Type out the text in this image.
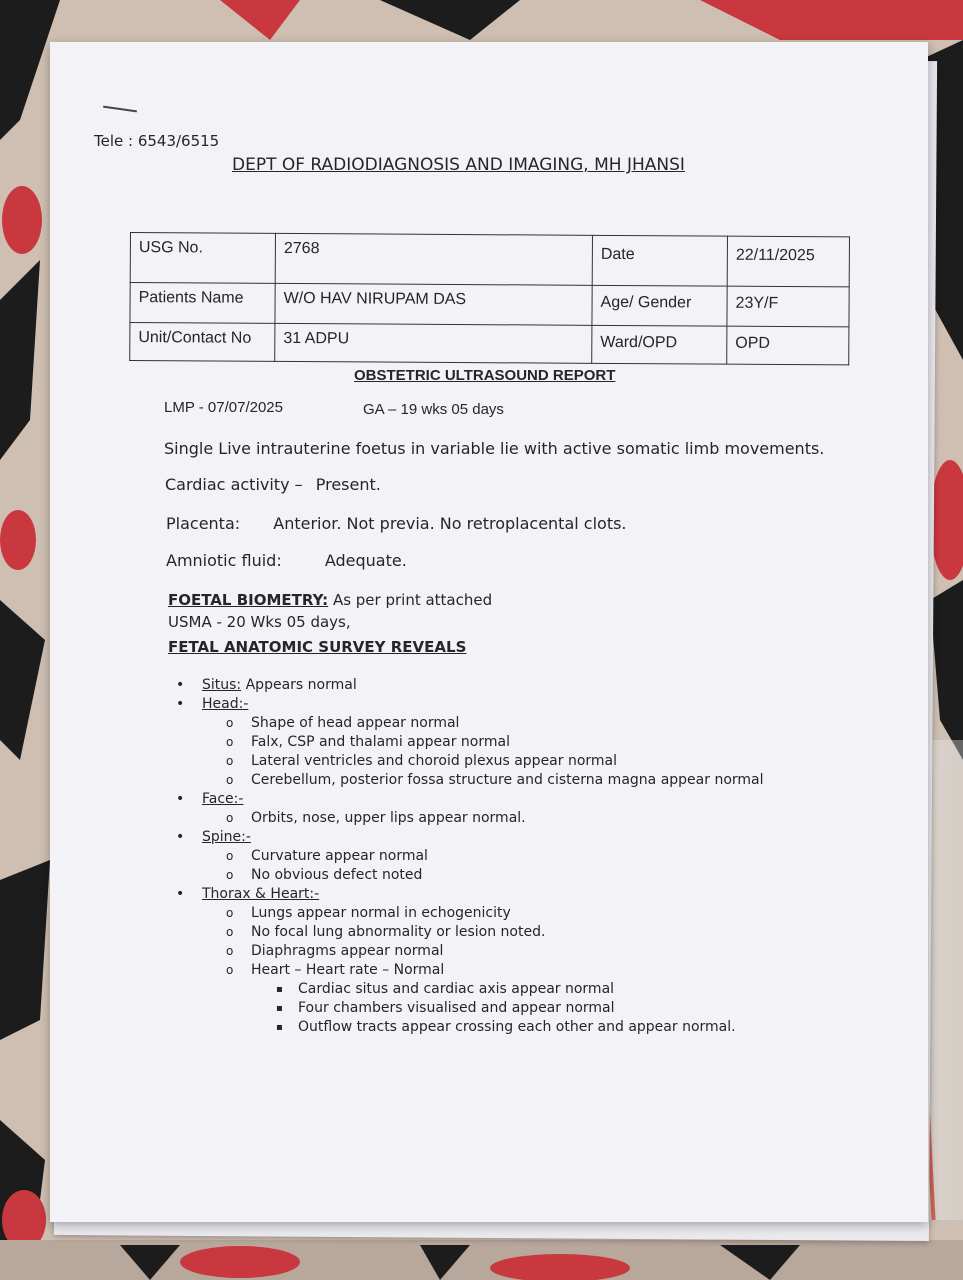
Tele : 6543/6515
DEPT OF RADIODIAGNOSIS AND IMAGING, MH JHANSI
USG No.	2768	Date	22/11/2025
Patients Name	W/O HAV NIRUPAM DAS	Age/ Gender	23Y/F
Unit/Contact No	31 ADPU	Ward/OPD	OPD
OBSTETRIC ULTRASOUND REPORT
LMP - 07/07/2025	GA – 19 wks 05 days
Single Live intrauterine foetus in variable lie with active somatic limb movements.
Cardiac activity – Present.
Placenta: Anterior. Not previa. No retroplacental clots.
Amniotic fluid:	Adequate.
FOETAL BIOMETRY: As per print attached
USMA - 20 Wks 05 days,
FETAL ANATOMIC SURVEY REVEALS
• Situs: Appears normal
• Head:-
o Shape of head appear normal
o Falx, CSP and thalami appear normal
o Lateral ventricles and choroid plexus appear normal
o Cerebellum, posterior fossa structure and cisterna magna appear normal
• Face:-
o Orbits, nose, upper lips appear normal.
• Spine:-
o Curvature appear normal
o No obvious defect noted
• Thorax & Heart:-
o Lungs appear normal in echogenicity
o No focal lung abnormality or lesion noted.
o Diaphragms appear normal
o Heart – Heart rate – Normal
▪ Cardiac situs and cardiac axis appear normal
▪ Four chambers visualised and appear normal
▪ Outflow tracts appear crossing each other and appear normal.
